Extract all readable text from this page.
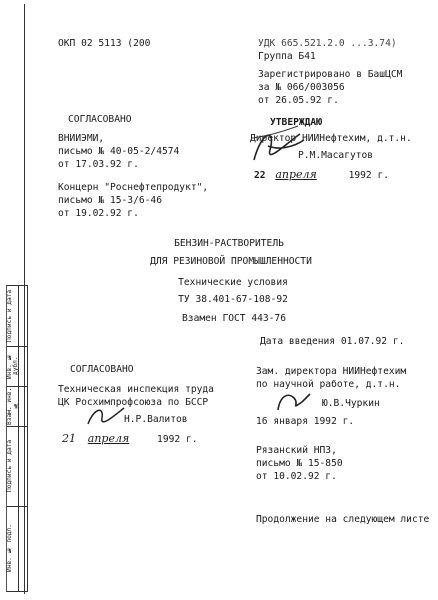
Подпись и дата
Инв. № дубл.
Взам. инв. №
Подпись и дата
Инв. № подл.
ОКП 02 5113 (200	УДК 665.521.2.0 ...3.74)
Группа Б41
Зарегистрировано в БашЦСМ
за № 066/003056
от 26.05.92 г.
СОГЛАСОВАНО
ВНИИЭМИ,
письмо № 40-05-2/4574
от 17.03.92 г.
Концерн "Роснефтепродукт",
письмо № 15-3/6-46
от 19.02.92 г.
УТВЕРЖДАЮ
Директор НИИНефтехим, д.т.н.
Р.М.Масагутов
22 апреля	1992 г.
БЕНЗИН-РАСТВОРИТЕЛЬ
ДЛЯ РЕЗИНОВОЙ ПРОМЫШЛЕННОСТИ
Технические условия
ТУ 38.401-67-108-92
Взамен ГОСТ 443-76
Дата введения 01.07.92 г.
СОГЛАСОВАНО
Техническая инспекция труда
ЦК Росхимпрофсоюза по БССР
Н.Р.Валитов
21 апреля	1992 г.
Зам. директора НИИНефтехим
по научной работе, д.т.н.
Ю.В.Чуркин
16 января 1992 г.
Рязанский НПЗ,
письмо № 15-850
от 10.02.92 г.
Продолжение на следующем листе
